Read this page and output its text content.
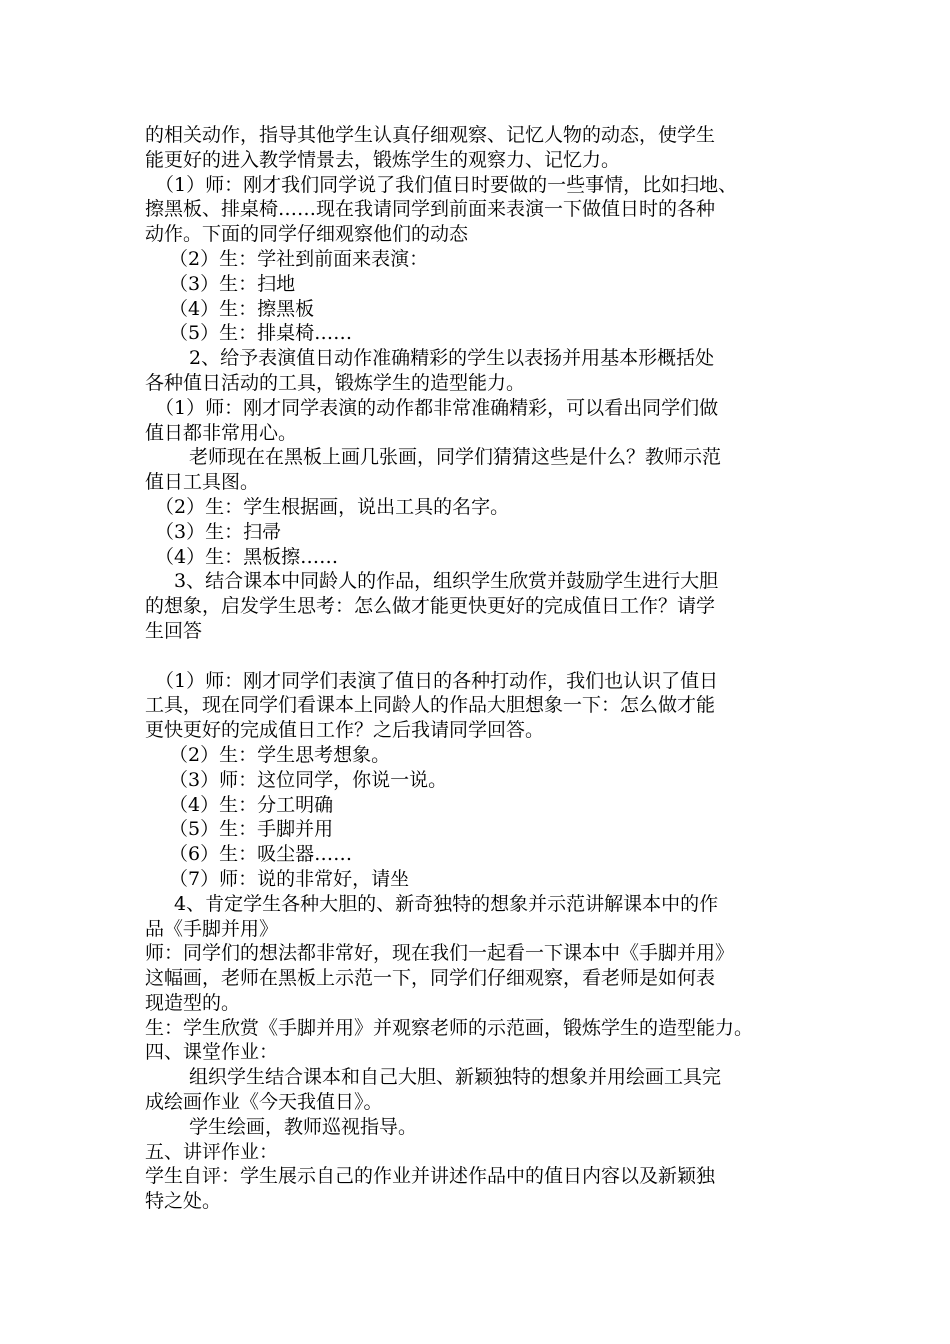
的相关动作，指导其他学生认真仔细观察、记忆人物的动态，使学生
能更好的进入教学情景去，锻炼学生的观察力、记忆力。
（1）师：刚才我们同学说了我们值日时要做的一些事情，比如扫地、
擦黑板、排桌椅……现在我请同学到前面来表演一下做值日时的各种
动作。下面的同学仔细观察他们的动态
（2）生：学社到前面来表演：
（3）生：扫地
（4）生：擦黑板
（5）生：排桌椅……
2、给予表演值日动作准确精彩的学生以表扬并用基本形概括处
各种值日活动的工具，锻炼学生的造型能力。
（1）师：刚才同学表演的动作都非常准确精彩，可以看出同学们做
值日都非常用心。
老师现在在黑板上画几张画，同学们猜猜这些是什么？教师示范
值日工具图。
（2）生：学生根据画，说出工具的名字。
（3）生：扫帚
（4）生：黑板擦……
3、结合课本中同龄人的作品，组织学生欣赏并鼓励学生进行大胆
的想象，启发学生思考：怎么做才能更快更好的完成值日工作？请学
生回答
（1）师：刚才同学们表演了值日的各种打动作，我们也认识了值日
工具，现在同学们看课本上同龄人的作品大胆想象一下：怎么做才能
更快更好的完成值日工作？之后我请同学回答。
（2）生：学生思考想象。
（3）师：这位同学，你说一说。
（4）生：分工明确
（5）生：手脚并用
（6）生：吸尘器……
（7）师：说的非常好，请坐
4、肯定学生各种大胆的、新奇独特的想象并示范讲解课本中的作
品《手脚并用》
师：同学们的想法都非常好，现在我们一起看一下课本中《手脚并用》
这幅画，老师在黑板上示范一下，同学们仔细观察，看老师是如何表
现造型的。
生：学生欣赏《手脚并用》并观察老师的示范画，锻炼学生的造型能力。
四、课堂作业：
组织学生结合课本和自己大胆、新颖独特的想象并用绘画工具完
成绘画作业《今天我值日》。
学生绘画，教师巡视指导。
五、讲评作业：
学生自评：学生展示自己的作业并讲述作品中的值日内容以及新颖独
特之处。
